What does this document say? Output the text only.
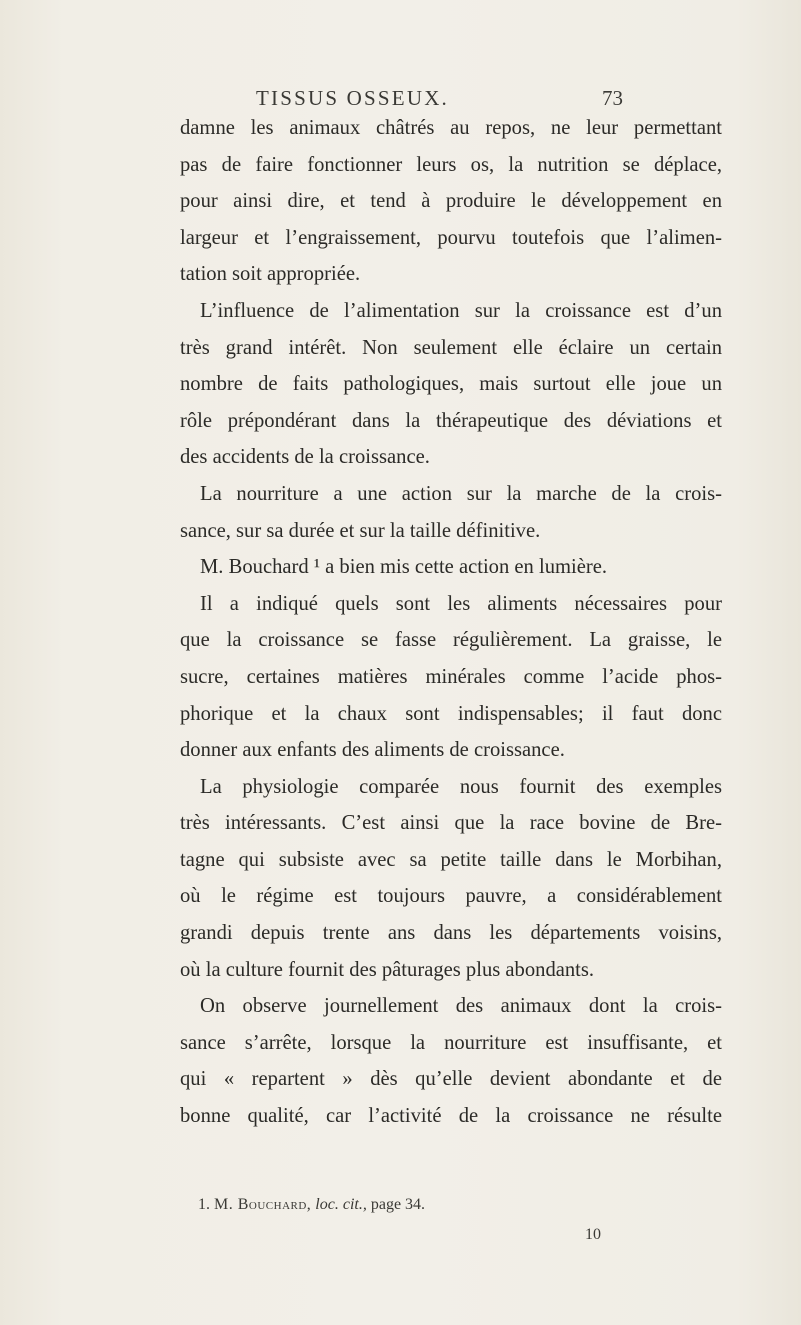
TISSUS OSSEUX.	73
damne les animaux châtrés au repos, ne leur permettant
pas de faire fonctionner leurs os, la nutrition se déplace,
pour ainsi dire, et tend à produire le développement en
largeur et l’engraissement, pourvu toutefois que l’alimen-
tation soit appropriée.
L’influence de l’alimentation sur la croissance est d’un
très grand intérêt. Non seulement elle éclaire un certain
nombre de faits pathologiques, mais surtout elle joue un
rôle prépondérant dans la thérapeutique des déviations et
des accidents de la croissance.
La nourriture a une action sur la marche de la crois-
sance, sur sa durée et sur la taille définitive.
M. Bouchard ¹ a bien mis cette action en lumière.
Il a indiqué quels sont les aliments nécessaires pour
que la croissance se fasse régulièrement. La graisse, le
sucre, certaines matières minérales comme l’acide phos-
phorique et la chaux sont indispensables; il faut donc
donner aux enfants des aliments de croissance.
La physiologie comparée nous fournit des exemples
très intéressants. C’est ainsi que la race bovine de Bre-
tagne qui subsiste avec sa petite taille dans le Morbihan,
où le régime est toujours pauvre, a considérablement
grandi depuis trente ans dans les départements voisins,
où la culture fournit des pâturages plus abondants.
On observe journellement des animaux dont la crois-
sance s’arrête, lorsque la nourriture est insuffisante, et
qui « repartent » dès qu’elle devient abondante et de
bonne qualité, car l’activité de la croissance ne résulte
1. M. Bouchard, loc. cit., page 34.
10
